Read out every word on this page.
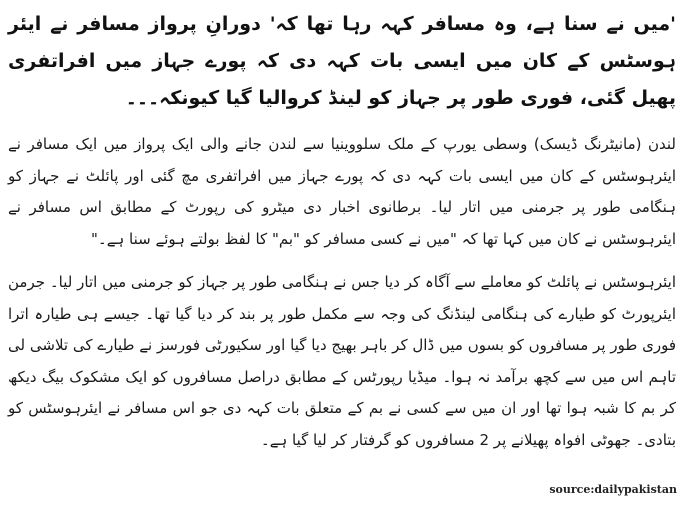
'میں نے سنا ہے، وہ مسافر کہہ رہا تھا کہ' دورانِ پرواز مسافر نے ایئر ہوسٹس کے کان میں ایسی بات کہہ دی کہ پورے جہاز میں افراتفری پھیل گئی، فوری طور پر جہاز کو لینڈ کروالیا گیا کیونکہ۔۔۔

لندن (مانیٹرنگ ڈیسک) وسطی یورپ کے ملک سلووینیا سے لندن جانے والی ایک پرواز میں ایک مسافر نے ایئرہوسٹس کے کان میں ایسی بات کہہ دی کہ پورے جہاز میں افراتفری مچ گئی اور پائلٹ نے جہاز کو ہنگامی طور پر جرمنی میں اتار لیا۔ برطانوی اخبار دی میٹرو کی رپورٹ کے مطابق اس مسافر نے ایئرہوسٹس نے کان میں کہا تھا کہ "میں نے کسی مسافر کو "بم" کا لفظ بولتے ہوئے سنا ہے۔"

ایئرہوسٹس نے پائلٹ کو معاملے سے آگاہ کر دیا جس نے ہنگامی طور پر جہاز کو جرمنی میں اتار لیا۔ جرمن ایئرپورٹ کو طیارے کی ہنگامی لینڈنگ کی وجہ سے مکمل طور پر بند کر دیا گیا تھا۔ جیسے ہی طیارہ اترا فوری طور پر مسافروں کو بسوں میں ڈال کر باہر بھیج دیا گیا اور سکیورٹی فورسز نے طیارے کی تلاشی لی تاہم اس میں سے کچھ برآمد نہ ہوا۔ میڈیا رپورٹس کے مطابق دراصل مسافروں کو ایک مشکوک بیگ دیکھ کر بم کا شبہ ہوا تھا اور ان میں سے کسی نے بم کے متعلق بات کہہ دی جو اس مسافر نے ایئرہوسٹس کو بتادی۔ جھوٹی افواہ پھیلانے پر 2 مسافروں کو گرفتار کر لیا گیا ہے۔

source:dailypakistan
